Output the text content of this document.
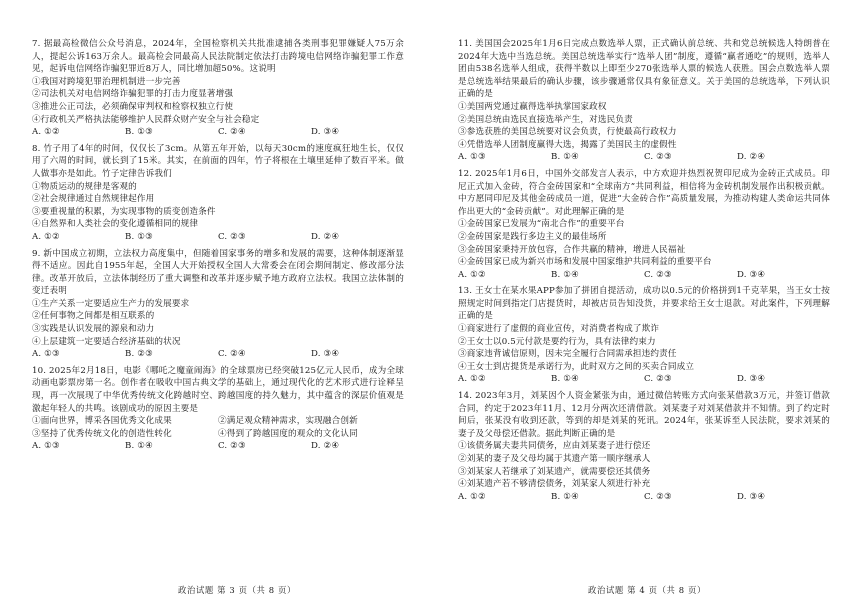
7. 据最高检微信公众号消息，2024年，全国检察机关共批准逮捕各类刑事犯罪嫌疑人75万余人，提起公诉163万余人。最高检会同最高人民法院制定依法打击跨境电信网络诈骗犯罪工作意见，起诉电信网络诈骗犯罪近8万人，同比增加超50%。这说明

①我国对跨境犯罪治理机制进一步完善

②司法机关对电信网络诈骗犯罪的打击力度显著增强

③推进公正司法，必须确保审判权和检察权独立行使

④行政机关严格执法能够维护人民群众财产安全与社会稳定

A. ①②	B. ①③	C. ②④	D. ③④

8. 竹子用了4年的时间，仅仅长了3cm。从第五年开始，以每天30cm的速度疯狂地生长，仅仅用了六周的时间，就长到了15米。其实，在前面的四年，竹子将根在土壤里延伸了数百平米。做人做事亦是如此。竹子定律告诉我们

①物质运动的规律是客观的

②社会规律通过自然规律起作用

③要重视量的积累，为实现事物的质变创造条件

④自然界和人类社会的变化遵循相同的规律

A. ①②	B. ①③	C. ②③	D. ②④

9. 新中国成立初期，立法权力高度集中，但随着国家事务的增多和发展的需要，这种体制逐渐显得不适应。因此自1955年起，全国人大开始授权全国人大常委会在闭会期间制定、修改部分法律。改革开放后，立法体制经历了重大调整和改革并逐步赋予地方政府立法权。我国立法体制的变迁表明

①生产关系一定要适应生产力的发展要求

②任何事物之间都是相互联系的

③实践是认识发展的源泉和动力

④上层建筑一定要适合经济基础的状况

A. ①③	B. ②③	C. ②④	D. ③④

10. 2025年2月18日，电影《哪吒之魔童闹海》的全球票房已经突破125亿元人民币，成为全球动画电影票房第一名。创作者在吸收中国古典文学的基础上，通过现代化的艺术形式进行诠释呈现，再一次展现了中华优秀传统文化跨越时空、跨越国度的持久魅力，其中蕴含的深层价值观是激起年轻人的共鸣。该剧成功的原因主要是

①面向世界，博采各国优秀文化成果	②满足观众精神需求，实现融合创新
③坚持了优秀传统文化的创造性转化	④得到了跨越国度的观众的文化认同
A. ①③	B. ①④	C. ②③	D. ②④

11. 美国国会2025年1月6日完成点数选举人票，正式确认前总统、共和党总统候选人特朗普在2024年大选中当选总统。美国总统选举实行“选举人团”制度，遵循“赢者通吃”的规则，选举人团由538名选举人组成，获得半数以上即至少270张选举人票的候选人获胜。国会点数选举人票是总统选举结果最后的确认步骤，该步骤通常仅具有象征意义。关于美国的总统选举，下列认识正确的是

①美国两党通过赢得选举执掌国家政权

②美国总统由选民直接选举产生，对选民负责

③参选获胜的美国总统要对议会负责，行使最高行政权力

④凭借选举人团制度赢得大选，揭露了美国民主的虚假性

A. ①③	B. ①④	C. ②③	D. ②④

12. 2025年1月6日，中国外交部发言人表示，中方欢迎并热烈祝贺印尼成为金砖正式成员。印尼正式加入金砖，符合金砖国家和“全球南方”共同利益，相信将为金砖机制发展作出积极贡献。中方愿同印尼及其他金砖成员一道，促进“大金砖合作”高质量发展，为推动构建人类命运共同体作出更大的“金砖贡献”。对此理解正确的是

①金砖国家已发展为“南北合作”的重要平台

②金砖国家是践行多边主义的最佳场所

③金砖国家秉持开放包容，合作共赢的精神，增进人民福祉

④金砖国家已成为新兴市场和发展中国家维护共同利益的重要平台

A. ①②	B. ①④	C. ②③	D. ③④

13. 王女士在某水果APP参加了拼团自提活动，成功以0.5元的价格拼到1千克苹果，当王女士按照规定时间到指定门店提货时，却被店员告知没货，并要求给王女士退款。对此案件，下列理解正确的是

①商家进行了虚假的商业宣传，对消费者构成了欺诈

②王女士以0.5元付款是要约行为，具有法律约束力

③商家违背诚信原则，因未完全履行合同需承担违约责任

④王女士到店提货是承诺行为，此时双方之间的买卖合同成立

A. ①②	B. ①④	C. ②③	D. ③④

14. 2023年3月，刘某因个人资金紧张为由，通过微信转账方式向张某借款3万元，并签订借款合同，约定于2023年11月、12月分两次还清借款。刘某妻子对刘某借款并不知情。到了约定时间后，张某没有收到还款，等到的却是刘某的死讯。2024年，张某诉至人民法院，要求刘某的妻子及父母偿还借款。据此判断正确的是

①该债务属夫妻共同债务，应由刘某妻子进行偿还

②刘某的妻子及父母均属于其遗产第一顺序继承人

③刘某家人若继承了刘某遗产，就需要偿还其债务

④刘某遗产若不够清偿债务，刘某家人须进行补充

A. ①②	B. ①④	C. ②③	D. ③④
政治试题 第 3 页（共 8 页）	政治试题 第 4 页（共 8 页）
